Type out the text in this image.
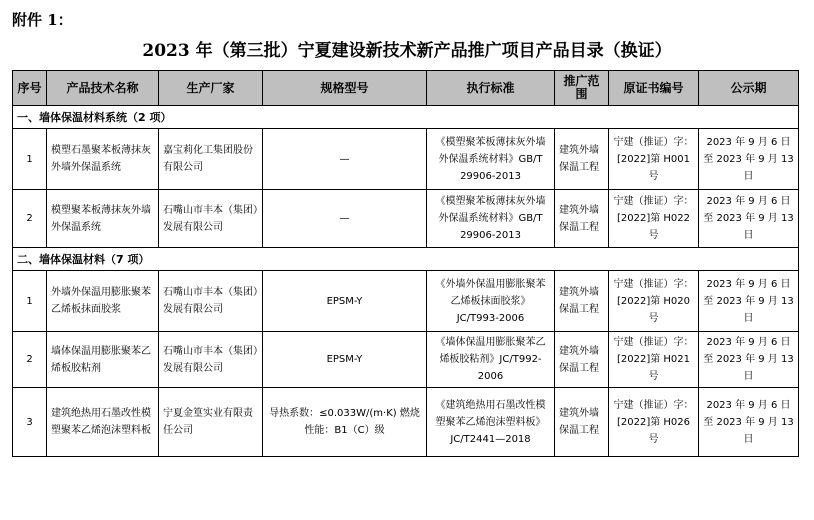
附件 1：
2023 年（第三批）宁夏建设新技术新产品推广项目产品目录（换证）
序号	产品技术名称	生产厂家	规格型号	执行标准	推广范围	原证书编号	公示期
一、墙体保温材料系统（2 项）							
1	模塑石墨聚苯板薄抹灰外墙外保温系统	嘉宝莉化工集团股份有限公司	—	《模塑聚苯板薄抹灰外墙外保温系统材料》GB/T 29906-2013	建筑外墙保温工程	宁建（推证）字：[2022]第 H001 号	2023 年 9 月 6 日至 2023 年 9 月 13 日
2	模塑聚苯板薄抹灰外墙外保温系统	石嘴山市丰本（集团）发展有限公司	—	《模塑聚苯板薄抹灰外墙外保温系统材料》GB/T 29906-2013	建筑外墙保温工程	宁建（推证）字：[2022]第 H022 号	2023 年 9 月 6 日至 2023 年 9 月 13 日
二、墙体保温材料（7 项）							
1	外墙外保温用膨胀聚苯乙烯板抹面胶浆	石嘴山市丰本（集团）发展有限公司	EPSM-Y	《外墙外保温用膨胀聚苯乙烯板抹面胶浆》JC/T993-2006	建筑外墙保温工程	宁建（推证）字：[2022]第 H020 号	2023 年 9 月 6 日至 2023 年 9 月 13 日
2	墙体保温用膨胀聚苯乙烯板胶粘剂	石嘴山市丰本（集团）发展有限公司	EPSM-Y	《墙体保温用膨胀聚苯乙烯板胶粘剂》JC/T992-2006	建筑外墙保温工程	宁建（推证）字：[2022]第 H021 号	2023 年 9 月 6 日至 2023 年 9 月 13 日
3	建筑绝热用石墨改性模塑聚苯乙烯泡沫塑料板	宁夏金篁实业有限责任公司	导热系数：≤0.033W/(m·K) 燃烧性能：B1（C）级	《建筑绝热用石墨改性模塑聚苯乙烯泡沫塑料板》JC/T2441—2018	建筑外墙保温工程	宁建（推证）字：[2022]第 H026 号	2023 年 9 月 6 日至 2023 年 9 月 13 日
